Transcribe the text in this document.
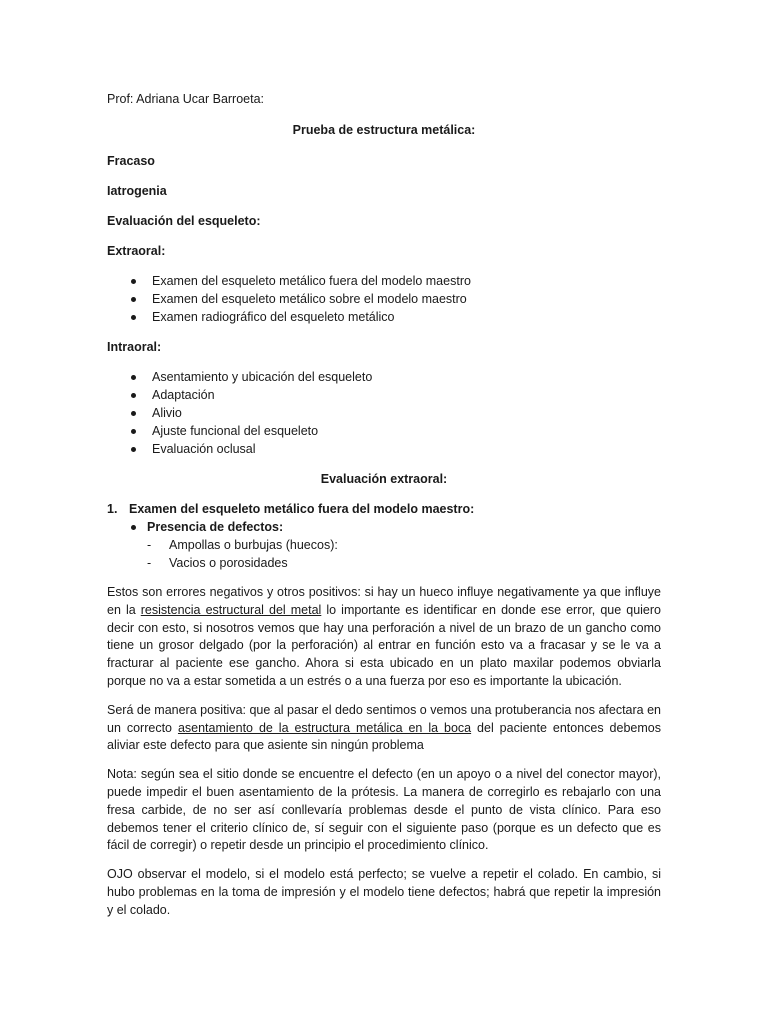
Prof: Adriana Ucar Barroeta:

Prueba de estructura metálica:

Fracaso

Iatrogenia

Evaluación del esqueleto:

Extraoral:

Examen del esqueleto metálico fuera del modelo maestro
Examen del esqueleto metálico sobre el modelo maestro
Examen radiográfico del esqueleto metálico

Intraoral:

Asentamiento y ubicación del esqueleto
Adaptación
Alivio
Ajuste funcional del esqueleto
Evaluación oclusal

Evaluación extraoral:

1. Examen del esqueleto metálico fuera del modelo maestro:
Presencia de defectos:
- Ampollas o burbujas (huecos):
- Vacios o porosidades

Estos son errores negativos y otros positivos: si hay un hueco influye negativamente ya que influye en la resistencia estructural del metal lo importante es identificar en donde ese error, que quiero decir con esto, si nosotros vemos que hay una perforación a nivel de un brazo de un gancho como tiene un grosor delgado (por la perforación) al entrar en función esto va a fracasar y se le va a fracturar al paciente ese gancho. Ahora si esta ubicado en un plato maxilar podemos obviarla porque no va a estar sometida a un estrés o a una fuerza por eso es importante la ubicación.

Será de manera positiva: que al pasar el dedo sentimos o vemos una protuberancia nos afectara en un correcto asentamiento de la estructura metálica en la boca del paciente entonces debemos aliviar este defecto para que asiente sin ningún problema

Nota: según sea el sitio donde se encuentre el defecto (en un apoyo o a nivel del conector mayor), puede impedir el buen asentamiento de la prótesis. La manera de corregirlo es rebajarlo con una fresa carbide, de no ser así conllevaría problemas desde el punto de vista clínico. Para eso debemos tener el criterio clínico de, sí seguir con el siguiente paso (porque es un defecto que es fácil de corregir) o repetir desde un principio el procedimiento clínico.

OJO observar el modelo, si el modelo está perfecto; se vuelve a repetir el colado. En cambio, si hubo problemas en la toma de impresión y el modelo tiene defectos; habrá que repetir la impresión y el colado.
